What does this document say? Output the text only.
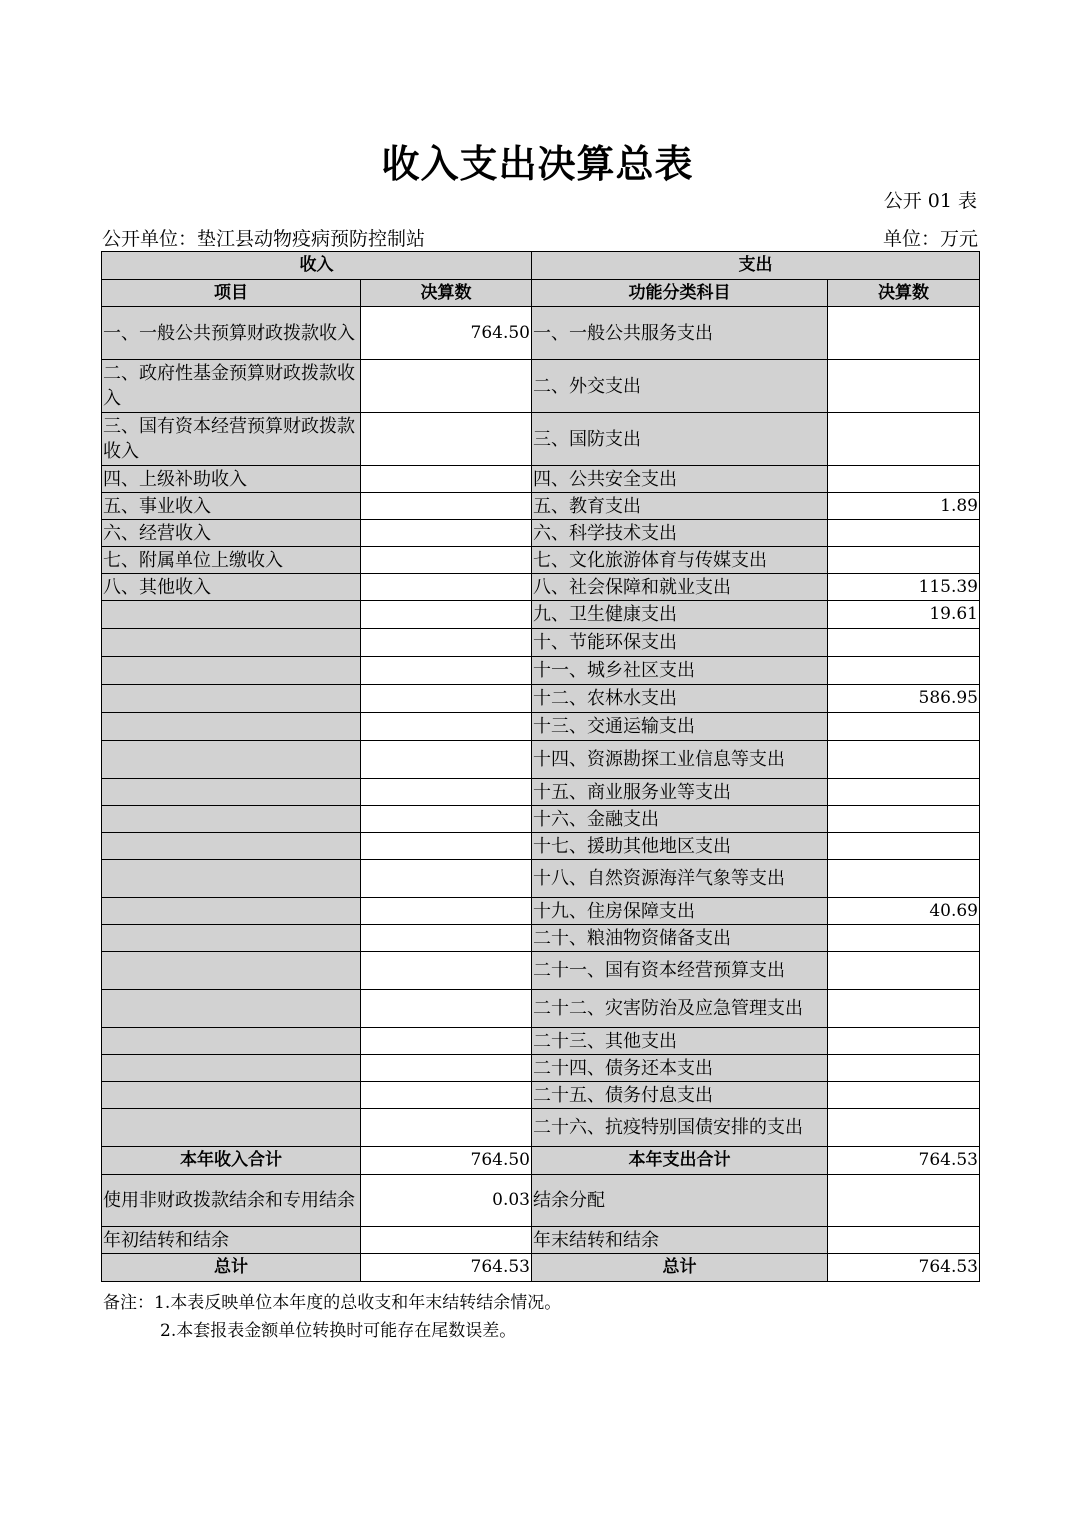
收入支出决算总表
公开 01 表
公开单位：垫江县动物疫病预防控制站	单位：万元
收入		支出	
项目	决算数	功能分类科目	决算数
一、一般公共预算财政拨款收入	764.50	一、一般公共服务支出	
二、政府性基金预算财政拨款收入		二、外交支出	
三、国有资本经营预算财政拨款收入		三、国防支出	
四、上级补助收入		四、公共安全支出	
五、事业收入		五、教育支出	1.89
六、经营收入		六、科学技术支出	
七、附属单位上缴收入		七、文化旅游体育与传媒支出	
八、其他收入		八、社会保障和就业支出	115.39
		九、卫生健康支出	19.61
		十、节能环保支出	
		十一、城乡社区支出	
		十二、农林水支出	586.95
		十三、交通运输支出	
		十四、资源勘探工业信息等支出	
		十五、商业服务业等支出	
		十六、金融支出	
		十七、援助其他地区支出	
		十八、自然资源海洋气象等支出	
		十九、住房保障支出	40.69
		二十、粮油物资储备支出	
		二十一、国有资本经营预算支出	
		二十二、灾害防治及应急管理支出	
		二十三、其他支出	
		二十四、债务还本支出	
		二十五、债务付息支出	
		二十六、抗疫特别国债安排的支出	
本年收入合计	764.50	本年支出合计	764.53
使用非财政拨款结余和专用结余	0.03	结余分配	
年初结转和结余		年末结转和结余	
总计	764.53	总计	764.53
备注：1.本表反映单位本年度的总收支和年末结转结余情况。
2.本套报表金额单位转换时可能存在尾数误差。
